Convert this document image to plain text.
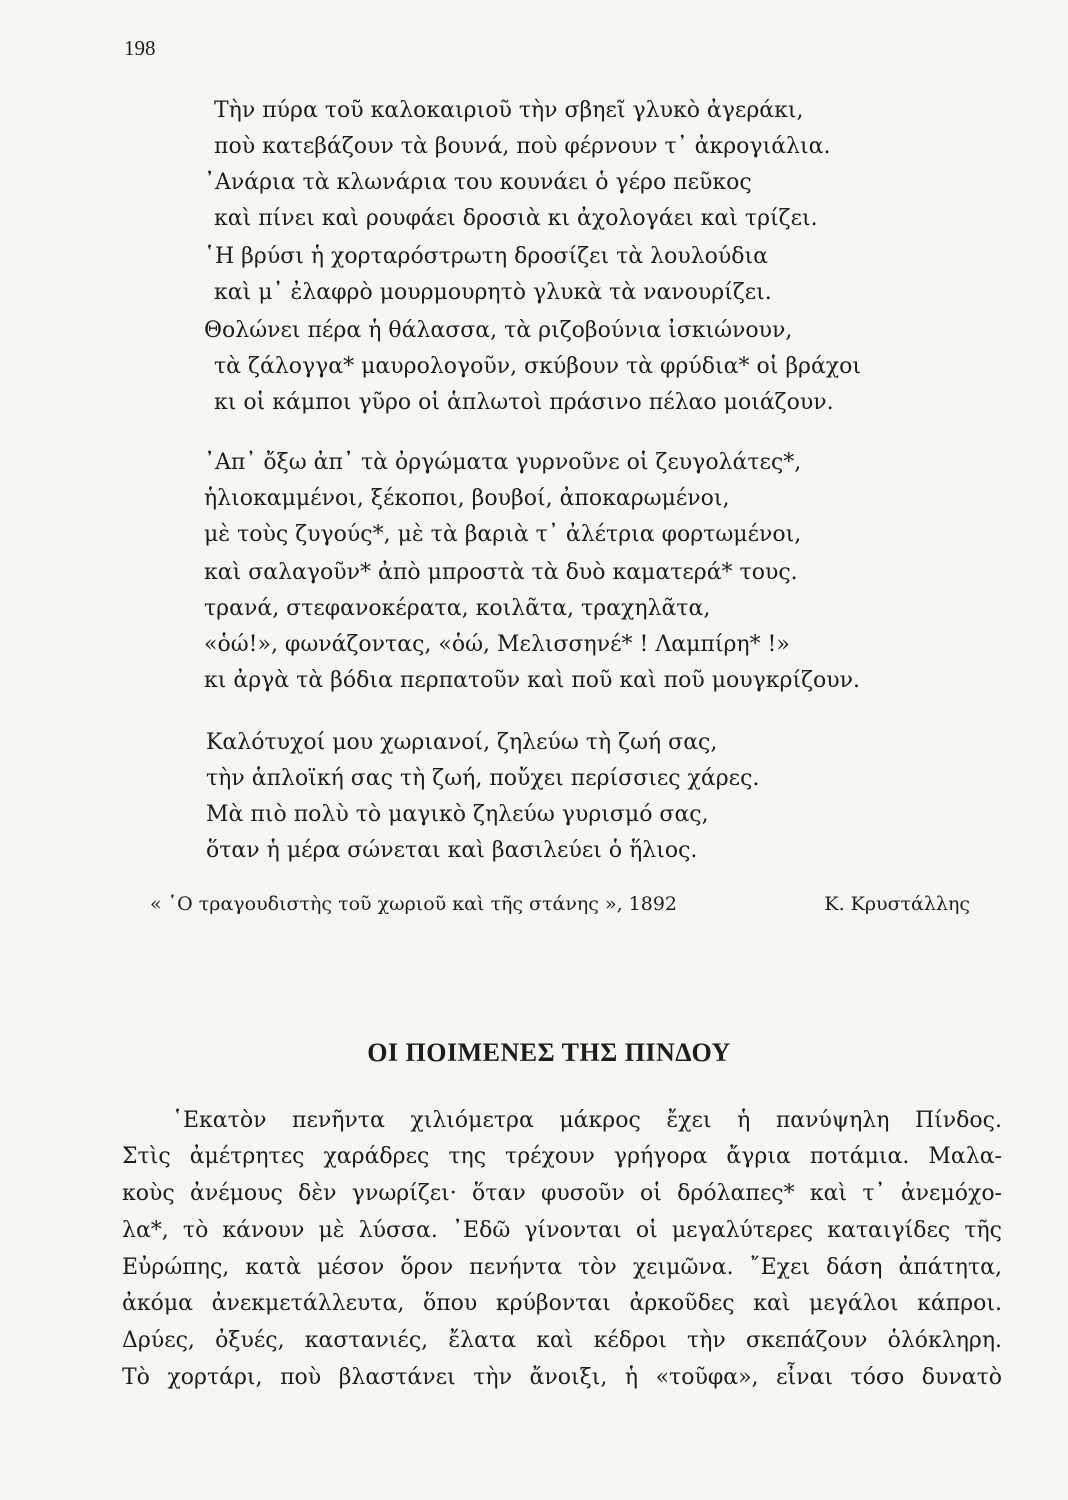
198
Τὴν πύρα τοῦ καλοκαιριοῦ τὴν σβηεῖ γλυκὸ ἀγεράκι,
ποὺ κατεβάζουν τὰ βουνά, ποὺ φέρνουν τ᾽ ἀκρογιάλια.
᾽Ανάρια τὰ κλωνάρια του κουνάει ὁ γέρο πεῦκος
καὶ πίνει καὶ ρουφάει δροσιὰ κι ἀχολογάει καὶ τρίζει.
῾Η βρύσι ἡ χορταρόστρωτη δροσίζει τὰ λουλούδια
καὶ μ᾽ ἐλαφρὸ μουρμουρητὸ γλυκὰ τὰ νανουρίζει.
Θολώνει πέρα ἡ θάλασσα, τὰ ριζοβούνια ἰσκιώνουν,
τὰ ζάλογγα* μαυρολογοῦν, σκύβουν τὰ φρύδια* οἱ βράχοι
κι οἱ κάμποι γῦρο οἱ ἁπλωτοὶ πράσινο πέλαο μοιάζουν.
᾽Απ᾽ ὄξω ἀπ᾽ τὰ ὀργώματα γυρνοῦνε οἱ ζευγολάτες*,
ἡλιοκαμμένοι, ξέκοποι, βουβοί, ἀποκαρωμένοι,
μὲ τοὺς ζυγούς*, μὲ τὰ βαριὰ τ᾽ ἀλέτρια φορτωμένοι,
καὶ σαλαγοῦν* ἀπὸ μπροστὰ τὰ δυὸ καματερά* τους.
τρανά, στεφανοκέρατα, κοιλᾶτα, τραχηλᾶτα,
«ὁώ!», φωνάζοντας, «ὁώ, Μελισσηνέ* ! Λαμπίρη* !»
κι ἀργὰ τὰ βόδια περπατοῦν καὶ ποῦ καὶ ποῦ μουγκρίζουν.
Καλότυχοί μου χωριανοί, ζηλεύω τὴ ζωή σας,
τὴν ἁπλοϊκή σας τὴ ζωή, ποὔχει περίσσιες χάρες.
Μὰ πιὸ πολὺ τὸ μαγικὸ ζηλεύω γυρισμό σας,
ὅταν ἡ μέρα σώνεται καὶ βασιλεύει ὁ ἥλιος.
« ῾Ο τραγουδιστὴς τοῦ χωριοῦ καὶ τῆς στάνης », 1892	Κ. Κρυστάλλης
ΟΙ ΠΟΙΜΕΝΕΣ ΤΗΣ ΠΙΝΔΟΥ
῾Εκατὸν πενῆντα χιλιόμετρα μάκρος ἔχει ἡ πανύψηλη Πίνδος.
Στὶς ἀμέτρητες χαράδρες της τρέχουν γρήγορα ἄγρια ποτάμια. Μαλα-
κοὺς ἀνέμους δὲν γνωρίζει· ὅταν φυσοῦν οἱ δρόλαπες* καὶ τ᾽ ἀνεμόχο-
λα*, τὸ κάνουν μὲ λύσσα. ᾽Εδῶ γίνονται οἱ μεγαλύτερες καταιγίδες τῆς
Εὐρώπης, κατὰ μέσον ὅρον πενήντα τὸν χειμῶνα. ῎Εχει δάση ἀπάτητα,
ἀκόμα ἀνεκμετάλλευτα, ὅπου κρύβονται ἀρκοῦδες καὶ μεγάλοι κάπροι.
Δρύες, ὀξυές, καστανιές, ἔλατα καὶ κέδροι τὴν σκεπάζουν ὁλόκληρη.
Τὸ χορτάρι, ποὺ βλαστάνει τὴν ἄνοιξι, ἡ «τοῦφα», εἶναι τόσο δυνατὸ
